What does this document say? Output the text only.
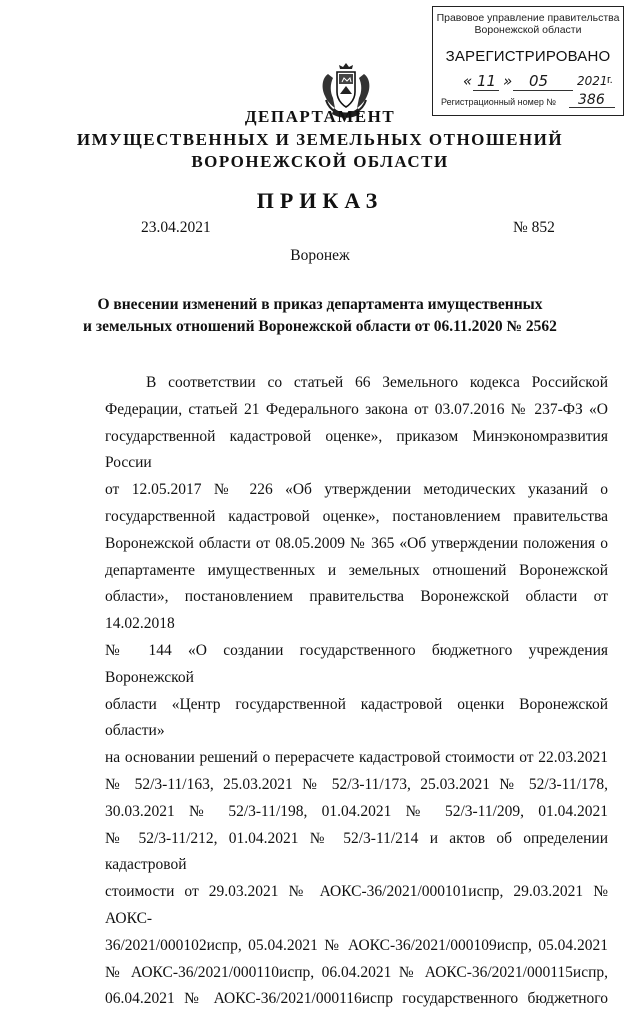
Правовое управление правительства
Воронежской области
ЗАРЕГИСТРИРОВАНО
« 11 » 05 2021 г.
Регистрационный номер № 386
ДЕПАРТАМЕНТ
ИМУЩЕСТВЕННЫХ И ЗЕМЕЛЬНЫХ ОТНОШЕНИЙ
ВОРОНЕЖСКОЙ ОБЛАСТИ
ПРИКАЗ
23.04.2021	№ 852
Воронеж
О внесении изменений в приказ департамента имущественных
и земельных отношений Воронежской области от 06.11.2020 № 2562

В соответствии со статьей 66 Земельного кодекса Российской

Федерации, статьей 21 Федерального закона от 03.07.2016 № 237-ФЗ «О

государственной кадастровой оценке», приказом Минэкономразвития России

от 12.05.2017 № 226 «Об утверждении методических указаний о

государственной кадастровой оценке», постановлением правительства

Воронежской области от 08.05.2009 № 365 «Об утверждении положения о

департаменте имущественных и земельных отношений Воронежской

области», постановлением правительства Воронежской области от 14.02.2018

№ 144 «О создании государственного бюджетного учреждения Воронежской

области «Центр государственной кадастровой оценки Воронежской области»

на основании решений о перерасчете кадастровой стоимости от 22.03.2021

№ 52/3-11/163, 25.03.2021 № 52/3-11/173, 25.03.2021 № 52/3-11/178,

30.03.2021 № 52/3-11/198, 01.04.2021 № 52/3-11/209, 01.04.2021

№ 52/3-11/212, 01.04.2021 № 52/3-11/214 и актов об определении кадастровой

стоимости от 29.03.2021 № АОКС-36/2021/000101испр, 29.03.2021 № АОКС-

36/2021/000102испр, 05.04.2021 № АОКС-36/2021/000109испр, 05.04.2021

№ АОКС-36/2021/000110испр, 06.04.2021 № АОКС-36/2021/000115испр,

06.04.2021 № АОКС-36/2021/000116испр государственного бюджетного
